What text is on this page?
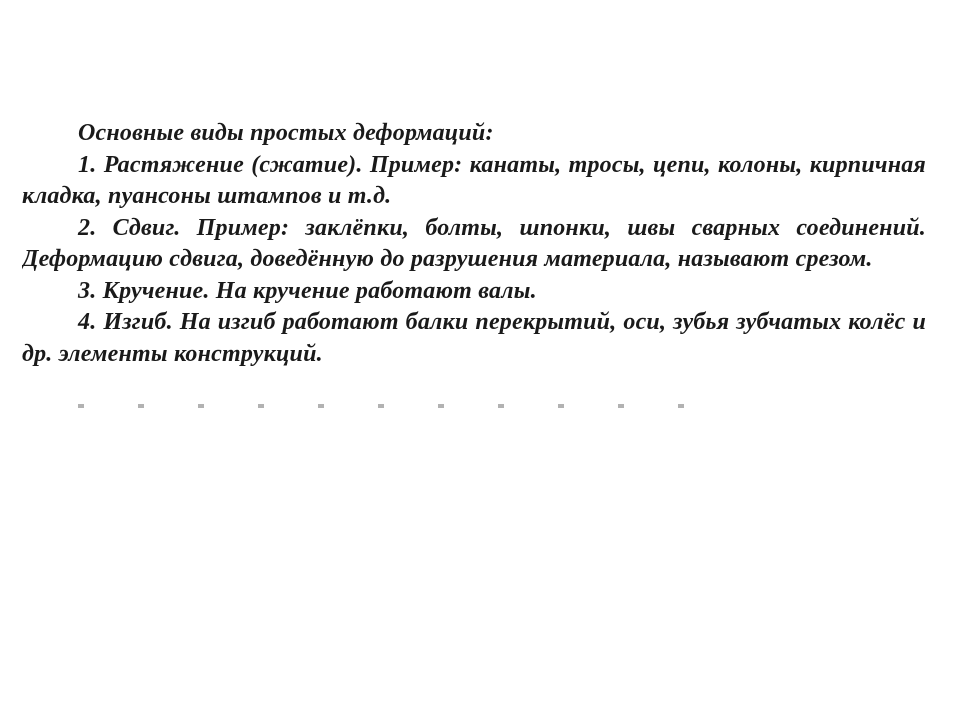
Основные виды простых деформаций:

1. Растяжение (сжатие). Пример: канаты, тросы, цепи, колоны, кирпичная кладка, пуансоны штампов и т.д.

2. Сдвиг. Пример: заклёпки, болты, шпонки, швы сварных соединений. Деформацию сдвига, доведённую до разрушения материала, называют срезом.

3. Кручение. На кручение работают валы.

4. Изгиб. На изгиб работают балки перекрытий, оси, зубья зубчатых колёс и др. элементы конструкций.
